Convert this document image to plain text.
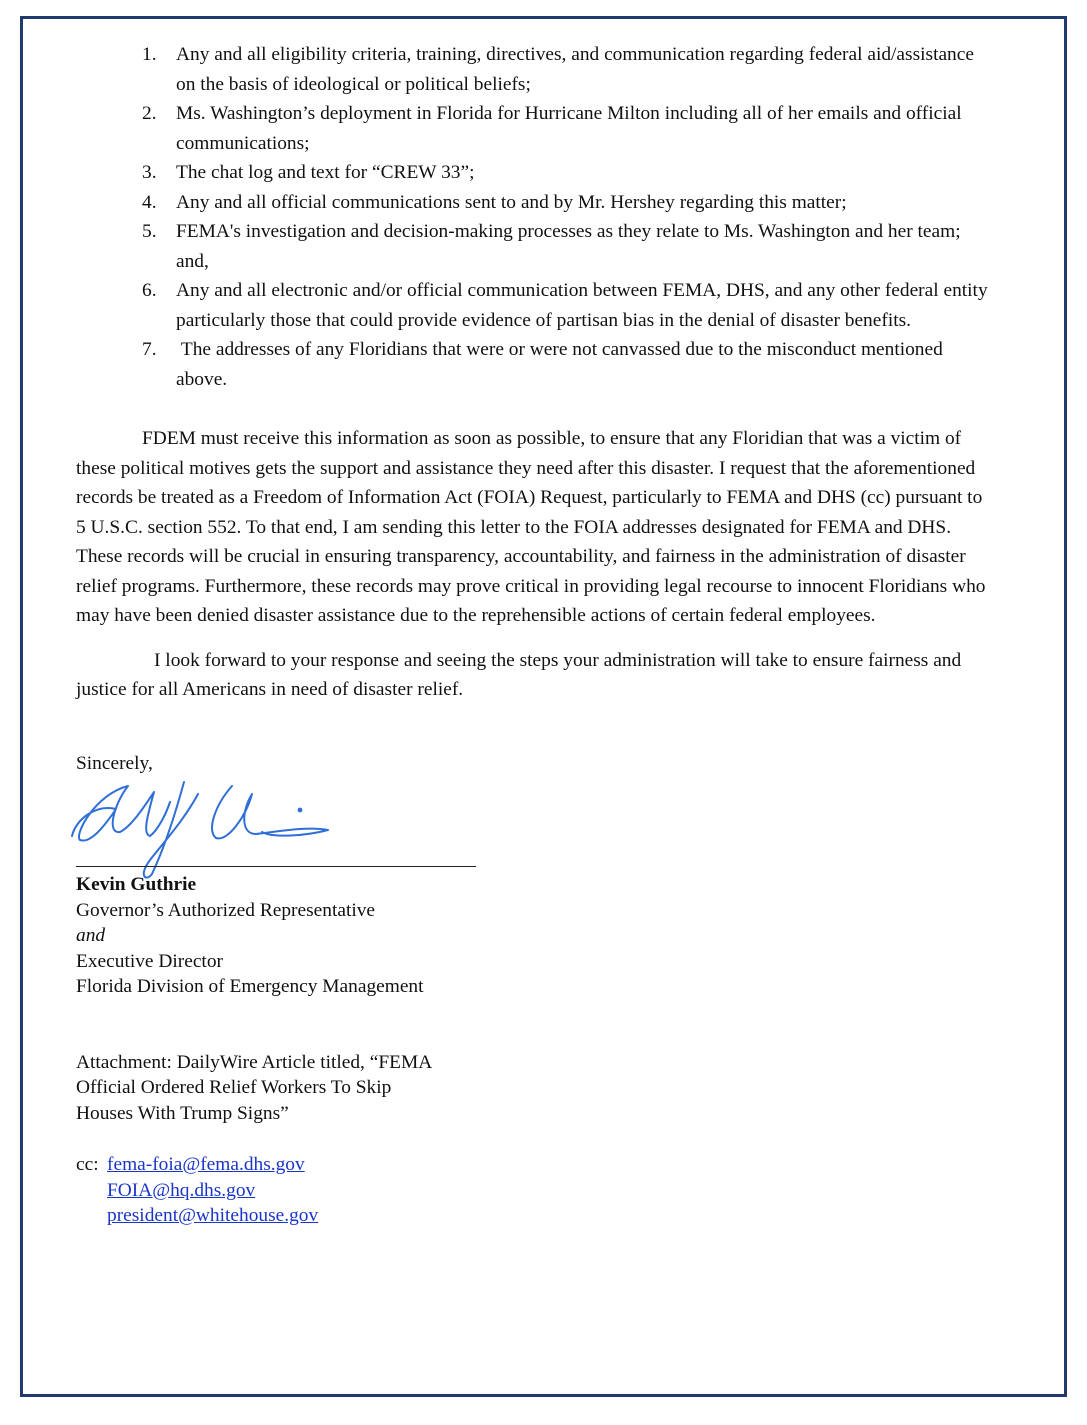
1. Any and all eligibility criteria, training, directives, and communication regarding federal aid/assistance on the basis of ideological or political beliefs;
2. Ms. Washington’s deployment in Florida for Hurricane Milton including all of her emails and official communications;
3. The chat log and text for “CREW 33”;
4. Any and all official communications sent to and by Mr. Hershey regarding this matter;
5. FEMA's investigation and decision-making processes as they relate to Ms. Washington and her team; and,
6. Any and all electronic and/or official communication between FEMA, DHS, and any other federal entity particularly those that could provide evidence of partisan bias in the denial of disaster benefits.
7. The addresses of any Floridians that were or were not canvassed due to the misconduct mentioned above.

FDEM must receive this information as soon as possible, to ensure that any Floridian that was a victim of these political motives gets the support and assistance they need after this disaster. I request that the aforementioned records be treated as a Freedom of Information Act (FOIA) Request, particularly to FEMA and DHS (cc) pursuant to 5 U.S.C. section 552. To that end, I am sending this letter to the FOIA addresses designated for FEMA and DHS. These records will be crucial in ensuring transparency, accountability, and fairness in the administration of disaster relief programs. Furthermore, these records may prove critical in providing legal recourse to innocent Floridians who may have been denied disaster assistance due to the reprehensible actions of certain federal employees.

I look forward to your response and seeing the steps your administration will take to ensure fairness and justice for all Americans in need of disaster relief.

Sincerely,
Kevin Guthrie
Governor’s Authorized Representative
and
Executive Director
Florida Division of Emergency Management
Attachment: DailyWire Article titled, “FEMA
Official Ordered Relief Workers To Skip
Houses With Trump Signs”
cc: fema-foia@fema.dhs.gov
FOIA@hq.dhs.gov
president@whitehouse.gov
